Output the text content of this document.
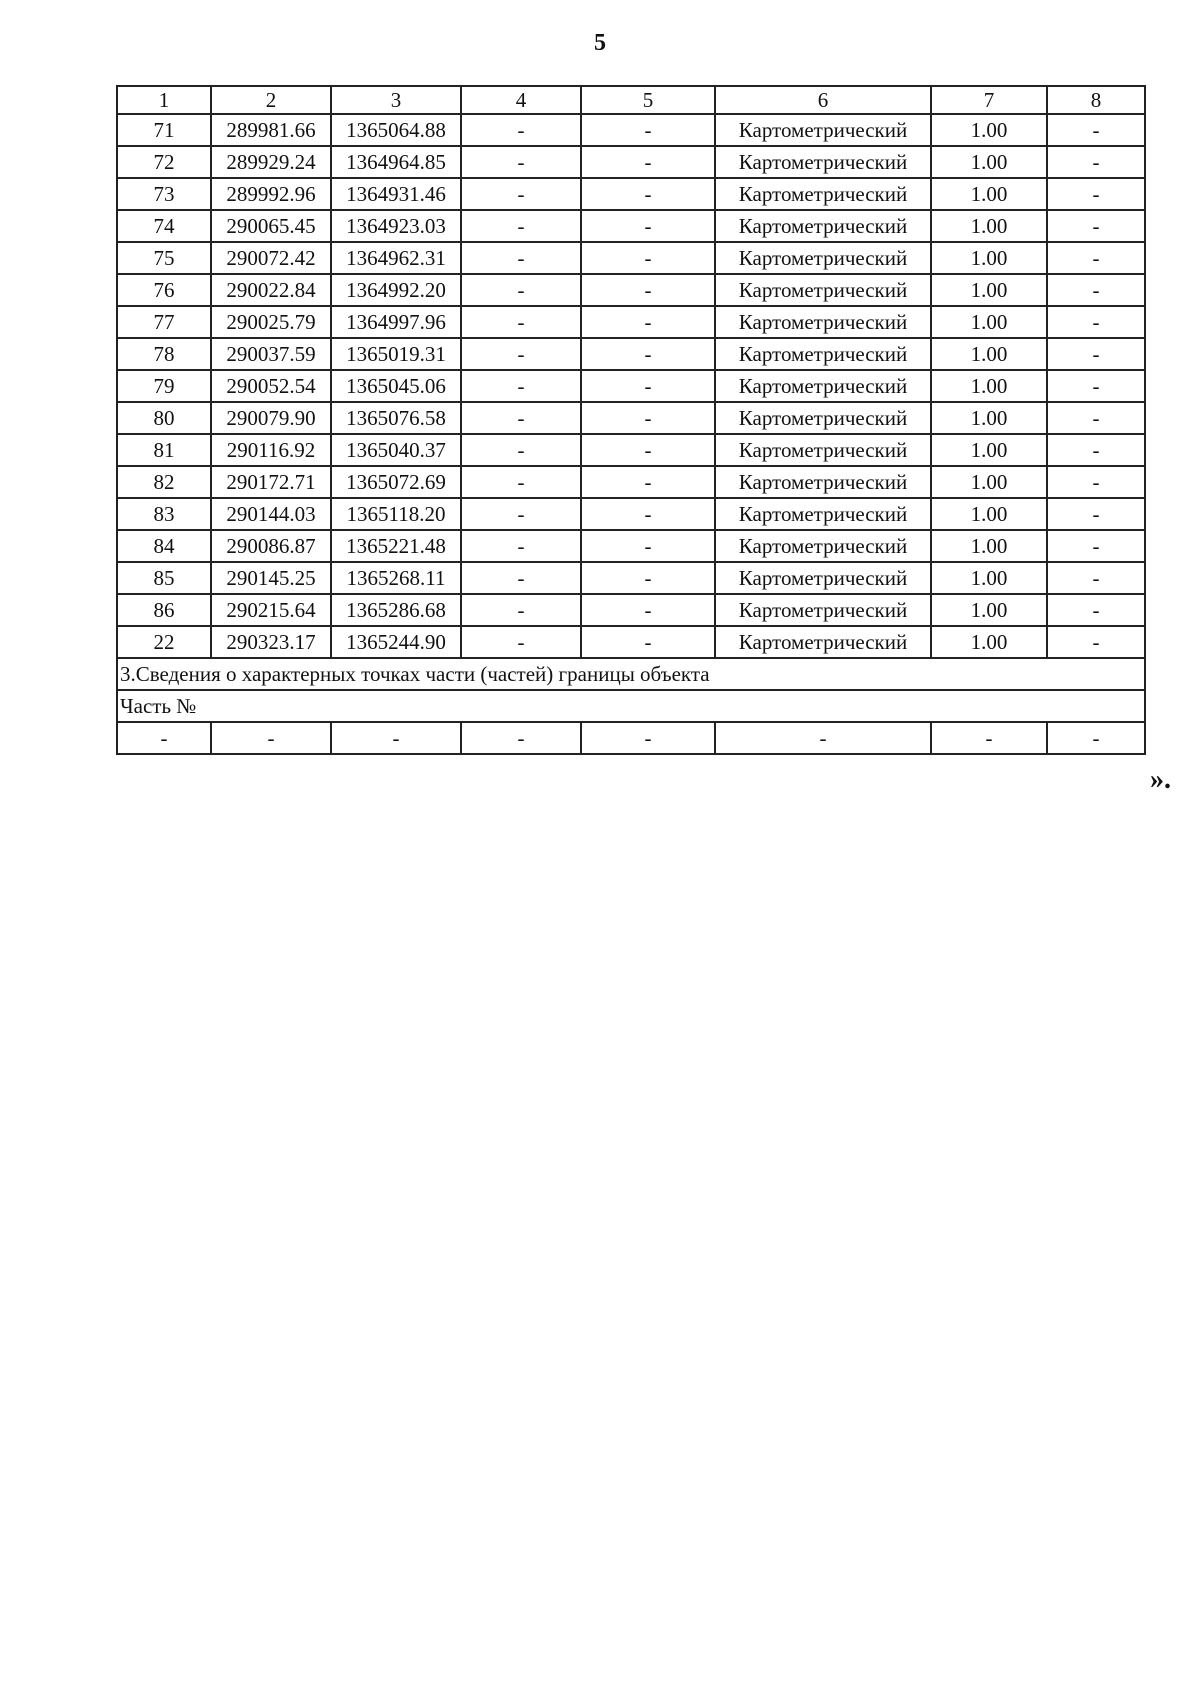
5
1	2	3	4	5	6	7	8
71	289981.66	1365064.88	-	-	Картометрический	1.00	-
72	289929.24	1364964.85	-	-	Картометрический	1.00	-
73	289992.96	1364931.46	-	-	Картометрический	1.00	-
74	290065.45	1364923.03	-	-	Картометрический	1.00	-
75	290072.42	1364962.31	-	-	Картометрический	1.00	-
76	290022.84	1364992.20	-	-	Картометрический	1.00	-
77	290025.79	1364997.96	-	-	Картометрический	1.00	-
78	290037.59	1365019.31	-	-	Картометрический	1.00	-
79	290052.54	1365045.06	-	-	Картометрический	1.00	-
80	290079.90	1365076.58	-	-	Картометрический	1.00	-
81	290116.92	1365040.37	-	-	Картометрический	1.00	-
82	290172.71	1365072.69	-	-	Картометрический	1.00	-
83	290144.03	1365118.20	-	-	Картометрический	1.00	-
84	290086.87	1365221.48	-	-	Картометрический	1.00	-
85	290145.25	1365268.11	-	-	Картометрический	1.00	-
86	290215.64	1365286.68	-	-	Картометрический	1.00	-
22	290323.17	1365244.90	-	-	Картометрический	1.00	-
3.Сведения о характерных точках части (частей) границы объекта							
Часть №							
-	-	-	-	-	-	-	-
».
